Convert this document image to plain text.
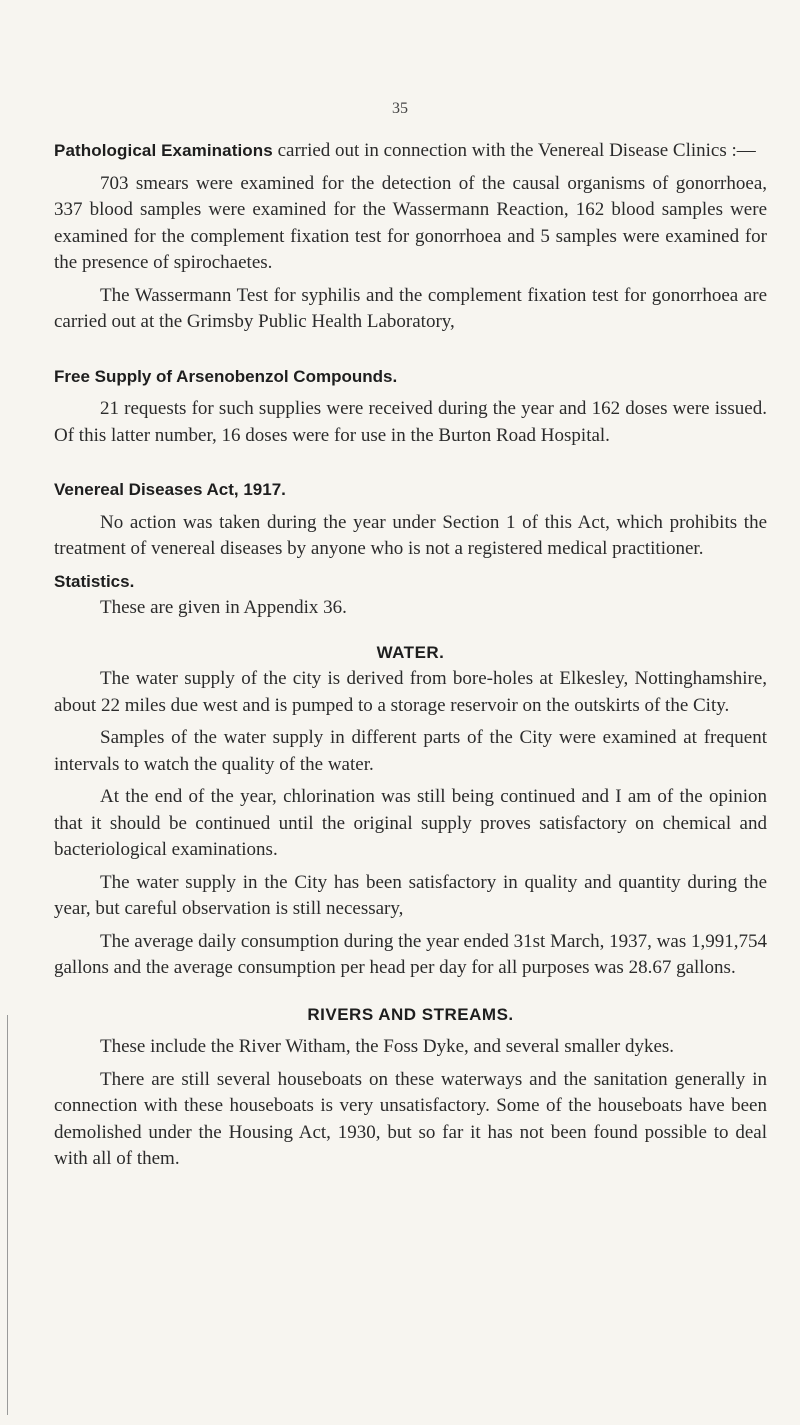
35

Pathological Examinations carried out in connection with the Venereal Disease Clinics :—

703 smears were examined for the detection of the causal organisms of gonorrhoea, 337 blood samples were examined for the Wassermann Reaction, 162 blood samples were examined for the complement fixation test for gonorrhoea and 5 samples were examined for the presence of spirochaetes.

The Wassermann Test for syphilis and the complement fixation test for gonorrhoea are carried out at the Grimsby Public Health Laboratory,

Free Supply of Arsenobenzol Compounds.

21 requests for such supplies were received during the year and 162 doses were issued. Of this latter number, 16 doses were for use in the Burton Road Hospital.

Venereal Diseases Act, 1917.

No action was taken during the year under Section 1 of this Act, which prohibits the treatment of venereal diseases by anyone who is not a registered medical practitioner.

Statistics.

These are given in Appendix 36.

WATER.

The water supply of the city is derived from bore-holes at Elkesley, Nottinghamshire, about 22 miles due west and is pumped to a storage reservoir on the outskirts of the City.

Samples of the water supply in different parts of the City were examined at frequent intervals to watch the quality of the water.

At the end of the year, chlorination was still being continued and I am of the opinion that it should be continued until the original supply proves satisfactory on chemical and bacteriological examinations.

The water supply in the City has been satisfactory in quality and quantity during the year, but careful observation is still necessary,

The average daily consumption during the year ended 31st March, 1937, was 1,991,754 gallons and the average consumption per head per day for all purposes was 28.67 gallons.

RIVERS AND STREAMS.

These include the River Witham, the Foss Dyke, and several smaller dykes.

There are still several houseboats on these waterways and the sanitation generally in connection with these houseboats is very unsatisfactory. Some of the houseboats have been demolished under the Housing Act, 1930, but so far it has not been found possible to deal with all of them.
